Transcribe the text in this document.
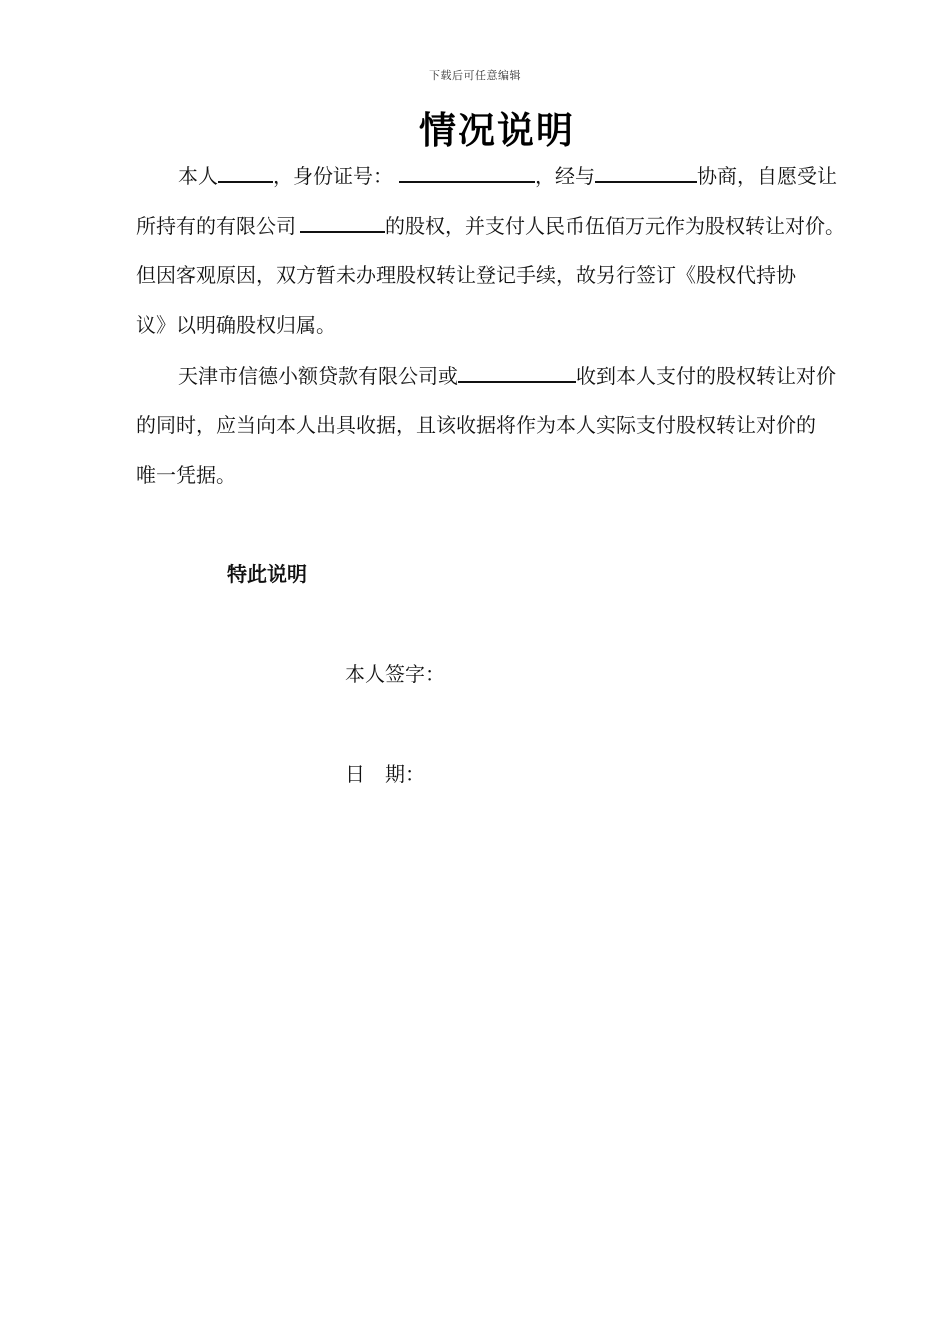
下载后可任意编辑
情况说明
本人	，身份证号：	，经与	协商，自愿受让
所持有的有限公司	的股权，并支付人民币伍佰万元作为股权转让对价。
但因客观原因，双方暂未办理股权转让登记手续，故另行签订《股权代持协
议》以明确股权归属。
天津市信德小额贷款有限公司或	收到本人支付的股权转让对价
的同时，应当向本人出具收据，且该收据将作为本人实际支付股权转让对价的
唯一凭据。
特此说明
本人签字：
日　期：
